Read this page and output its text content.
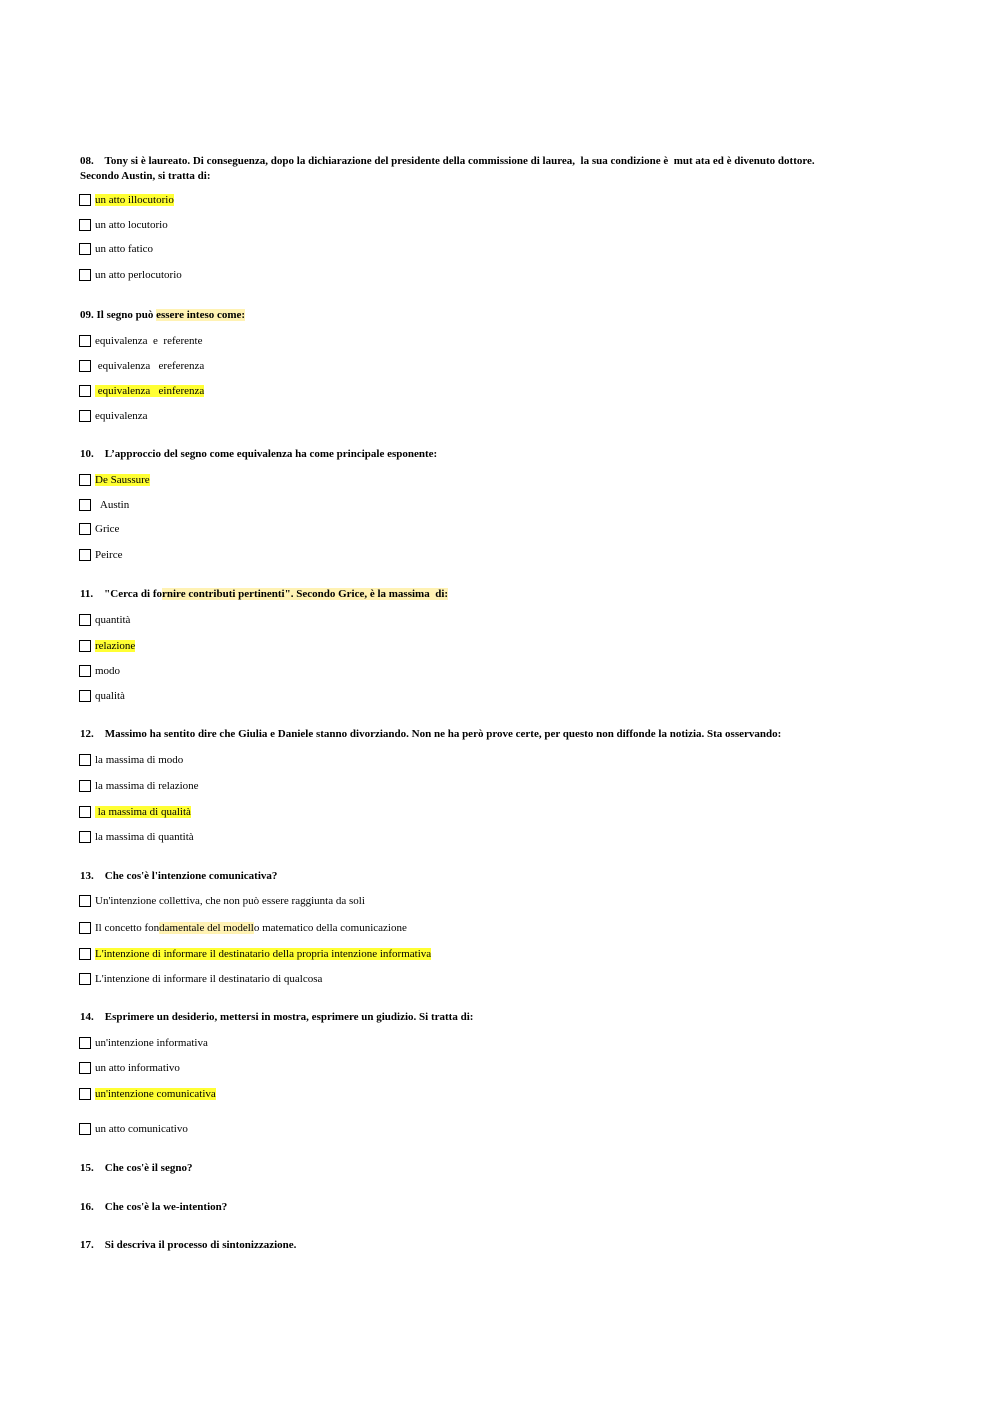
08.    Tony si è laureato. Di conseguenza, dopo la dichiarazione del presidente della commissione di laurea,  la sua condizione è  mut ata ed è divenuto dottore.
Secondo Austin, si tratta di:
un atto illocutorio
un atto locutorio
un atto fatico
un atto perlocutorio
09. Il segno può essere inteso come:
equivalenza  e  referente
equivalenza   ereferenza
equivalenza   einferenza
equivalenza
10.    L’approccio del segno come equivalenza ha come principale esponente:
De Saussure
Austin
Grice
Peirce
11.    "Cerca di fornire contributi pertinenti". Secondo Grice, è la massima  di:
quantità
relazione
modo
qualità
12.    Massimo ha sentito dire che Giulia e Daniele stanno divorziando. Non ne ha però prove certe, per questo non diffonde la notizia. Sta osservando:
la massima di modo
la massima di relazione
la massima di qualità
la massima di quantità
13.    Che cos'è l'intenzione comunicativa?
Un'intenzione collettiva, che non può essere raggiunta da soli
Il concetto fondamentale del modello matematico della comunicazione
L'intenzione di informare il destinatario della propria intenzione informativa
L'intenzione di informare il destinatario di qualcosa
14.    Esprimere un desiderio, mettersi in mostra, esprimere un giudizio. Si tratta di:
un'intenzione informativa
un atto informativo
un'intenzione comunicativa
un atto comunicativo
15.    Che cos'è il segno?
16.    Che cos'è la we-intention?
17.    Si descriva il processo di sintonizzazione.
